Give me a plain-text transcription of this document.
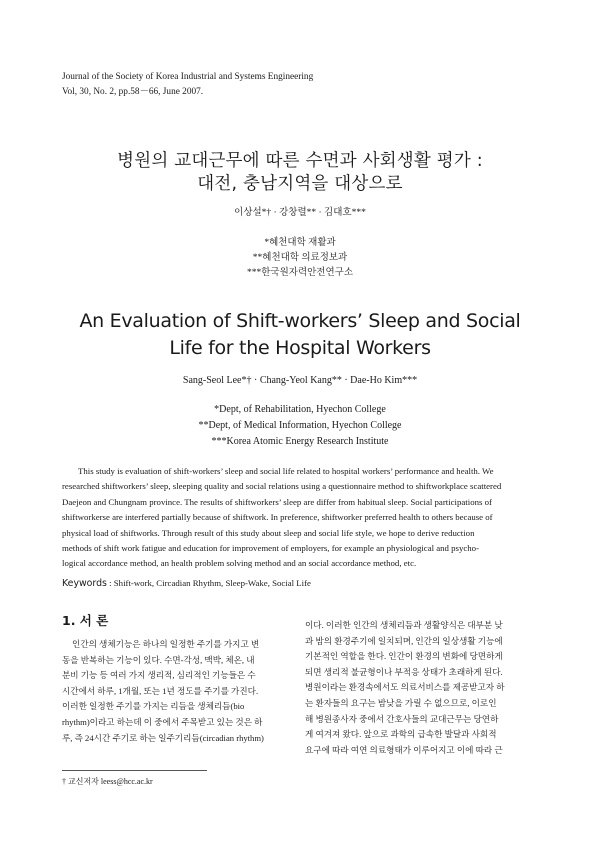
Journal of the Society of Korea Industrial and Systems Engineering
Vol, 30, No. 2, pp.58－66, June 2007.
병원의 교대근무에 따른 수면과 사회생활 평가 :
대전, 충남지역을 대상으로
이상설*† · 강창렬** · 김대호***
*혜천대학 재활과
**혜천대학 의료정보과
***한국원자력안전연구소
An Evaluation of Shift-workers’ Sleep and Social
Life for the Hospital Workers
Sang-Seol Lee*† · Chang-Yeol Kang** · Dae-Ho Kim***
*Dept, of Rehabilitation, Hyechon College
**Dept, of Medical Information, Hyechon College
***Korea Atomic Energy Research Institute
This study is evaluation of shift-workers’ sleep and social life related to hospital workers’ performance and health. We
researched shiftworkers’ sleep, sleeping quality and social relations using a questionnaire method to shiftworkplace scattered
Daejeon and Chungnam province. The results of shiftworkers’ sleep are differ from habitual sleep. Social participations of
shiftworkerse are interfered partially because of shiftwork. In preference, shiftworker preferred health to others because of
physical load of shiftworks. Through result of this study about sleep and social life style, we hope to derive reduction
methods of shift work fatigue and education for improvement of employers, for example an physiological and psycho-
logical accordance method, an health problem solving method and an social accordance method, etc.
Keywords : Shift-work, Circadian Rhythm, Sleep-Wake, Social Life
1. 서 론
인간의 생체기능은 하나의 일정한 주기를 가지고 변
동을 반복하는 기능이 있다. 수면-각성, 맥박, 체온, 내
분비 기능 등 여러 가지 생리적, 심리적인 기능들은 수
시간에서 하루, 1개월, 또는 1년 정도를 주기를 가진다.
이러한 일정한 주기를 가지는 리듬을 생체리듬(bio
rhythm)이라고 하는데 이 중에서 주목받고 있는 것은 하
루, 즉 24시간 주기로 하는 일주기리듬(circadian rhythm)
이다. 이러한 인간의 생체리듬과 생활양식은 대부분 낮
과 밤의 환경주기에 일치되며, 인간의 일상생활 기능에
기본적인 역할을 한다. 인간이 환경의 변화에 당면하게
되면 생리적 불균형이나 부적응 상태가 초래하게 된다.
병원이라는 환경속에서도 의료서비스를 제공받고자 하
는 환자들의 요구는 밤낮을 가릴 수 없으므로, 이로인
해 병원종사자 중에서 간호사들의 교대근무는 당연하
게 여겨져 왔다. 앞으로 과학의 급속한 발달과 사회적
요구에 따라 여연 의료형태가 이루어지고 이에 따라 근
† 교신저자 leess@hcc.ac.kr
